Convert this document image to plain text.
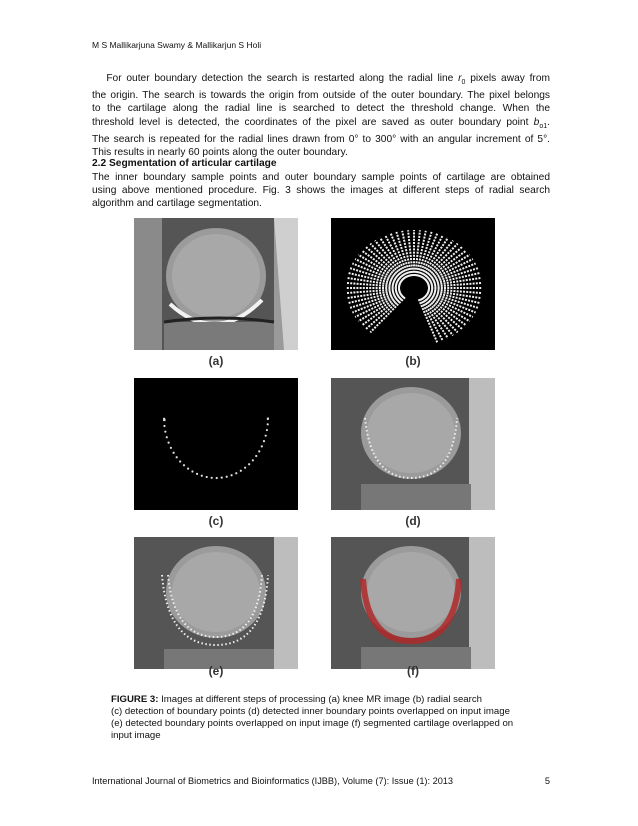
M S Mallikarjuna Swamy & Mallikarjun S Holi
For outer boundary detection the search is restarted along the radial line $r_0$ pixels away from
the origin. The search is towards the origin from outside of the outer boundary. The pixel belongs
to the cartilage along the radial line is searched to detect the threshold change. When the
threshold level is detected, the coordinates of the pixel are saved as outer boundary point $b_{o1}$.
The search is repeated for the radial lines drawn from 0° to 300° with an angular increment of 5°.
This results in nearly 60 points along the outer boundary.
2.2 Segmentation of articular cartilage
The inner boundary sample points and outer boundary sample points of cartilage are obtained
using above mentioned procedure. Fig. 3 shows the images at different steps of radial search
algorithm and cartilage segmentation.
(a)	(b)
(c)	(d)
(e)	(f)
FIGURE 3: Images at different steps of processing (a) knee MR image (b) radial search
(c) detection of boundary points (d) detected inner boundary points overlapped on input image
(e) detected boundary points overlapped on input image (f) segmented cartilage overlapped on
input image
International Journal of Biometrics and Bioinformatics (IJBB), Volume (7): Issue (1): 2013	5
